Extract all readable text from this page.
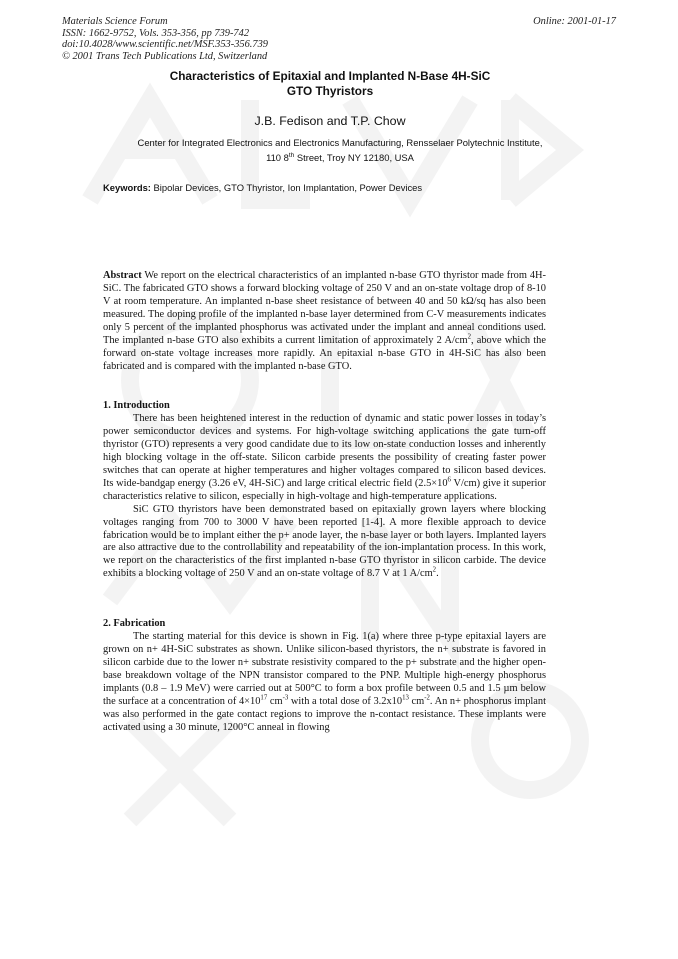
Materials Science Forum
ISSN: 1662-9752, Vols. 353-356, pp 739-742
doi:10.4028/www.scientific.net/MSF.353-356.739
© 2001 Trans Tech Publications Ltd, Switzerland
Online: 2001-01-17
Characteristics of Epitaxial and Implanted N-Base 4H-SiC
GTO Thyristors
J.B. Fedison and T.P. Chow
Center for Integrated Electronics and Electronics Manufacturing, Rensselaer Polytechnic Institute,
110 8th Street, Troy NY 12180, USA
Keywords: Bipolar Devices, GTO Thyristor, Ion Implantation, Power Devices

Abstract We report on the electrical characteristics of an implanted n-base GTO thyristor made from 4H-SiC. The fabricated GTO shows a forward blocking voltage of 250 V and an on-state voltage drop of 8-10 V at room temperature. An implanted n-base sheet resistance of between 40 and 50 kΩ/sq has also been measured. The doping profile of the implanted n-base layer determined from C-V measurements indicates only 5 percent of the implanted phosphorus was activated under the implant and anneal conditions used. The implanted n-base GTO also exhibits a current limitation of approximately 2 $A/cm^2$, above which the forward on-state voltage increases more rapidly. An epitaxial n-base GTO in 4H-SiC has also been fabricated and is compared with the implanted n-base GTO.

1. Introduction

There has been heightened interest in the reduction of dynamic and static power losses in today’s power semiconductor devices and systems. For high-voltage switching applications the gate turn-off thyristor (GTO) represents a very good candidate due to its low on-state conduction losses and inherently high blocking voltage in the off-state. Silicon carbide presents the possibility of creating faster power switches that can operate at higher temperatures and higher voltages compared to silicon based devices. Its wide-bandgap energy (3.26 eV, 4H-SiC) and large critical electric field ($2.5\times 10^6$ V/cm) give it superior characteristics relative to silicon, especially in high-voltage and high-temperature applications.

SiC GTO thyristors have been demonstrated based on epitaxially grown layers where blocking voltages ranging from 700 to 3000 V have been reported [1-4]. A more flexible approach to device fabrication would be to implant either the p+ anode layer, the n-base layer or both layers. Implanted layers are also attractive due to the controllability and repeatability of the ion-implantation process. In this work, we report on the characteristics of the first implanted n-base GTO thyristor in silicon carbide. The device exhibits a blocking voltage of 250 V and an on-state voltage of 8.7 V at 1 $A/cm^2$.

2. Fabrication

The starting material for this device is shown in Fig. 1(a) where three p-type epitaxial layers are grown on n+ 4H-SiC substrates as shown. Unlike silicon-based thyristors, the n+ substrate is favored in silicon carbide due to the lower n+ substrate resistivity compared to the p+ substrate and the higher open-base breakdown voltage of the NPN transistor compared to the PNP. Multiple high-energy phosphorus implants (0.8 – 1.9 MeV) were carried out at 500°C to form a box profile between 0.5 and 1.5 µm below the surface at a concentration of $4\times 10^{17}$ $cm^{-3}$ with a total dose of $3.2x10^{13}$ $cm^{-2}$. An n+ phosphorus implant was also performed in the gate contact regions to improve the n-contact resistance. These implants were activated using a 30 minute, 1200°C anneal in flowing
